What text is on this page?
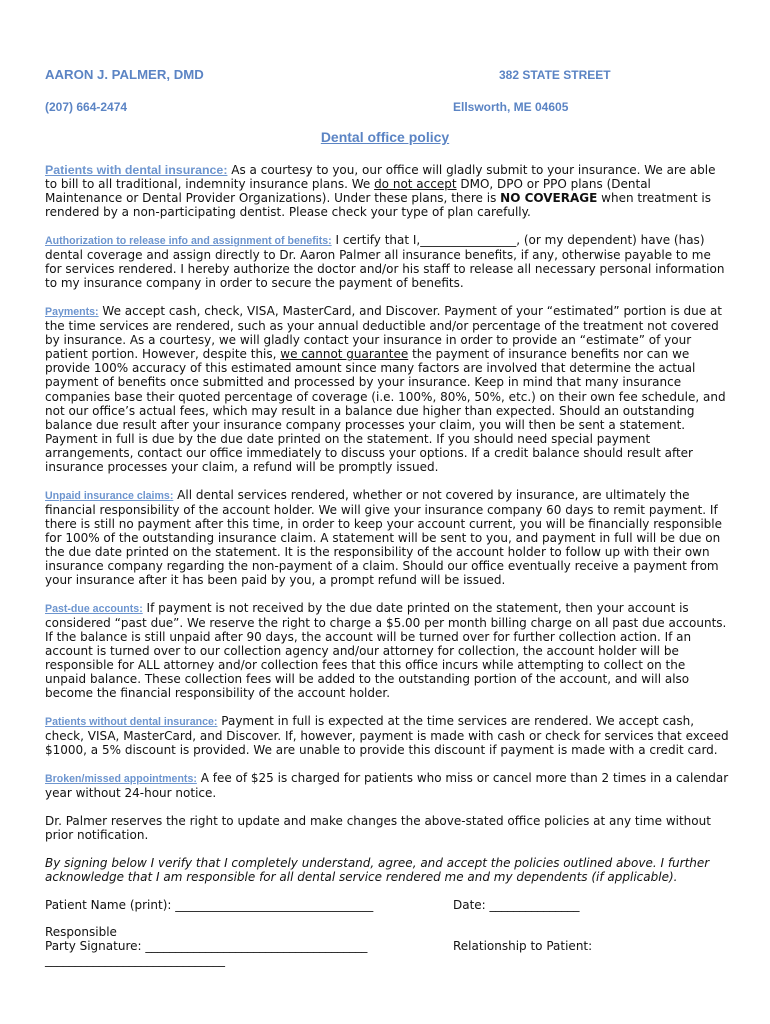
AARON J. PALMER, DMD	382 STATE STREET
(207) 664-2474	Ellsworth, ME 04605
Dental office policy

Patients with dental insurance: As a courtesy to you, our office will gladly submit to your insurance. We are able to bill to all traditional, indemnity insurance plans. We do not accept DMO, DPO or PPO plans (Dental Maintenance or Dental Provider Organizations). Under these plans, there is NO COVERAGE when treatment is rendered by a non-participating dentist. Please check your type of plan carefully.

Authorization to release info and assignment of benefits: I certify that I,________________, (or my dependent) have (has) dental coverage and assign directly to Dr. Aaron Palmer all insurance benefits, if any, otherwise payable to me for services rendered. I hereby authorize the doctor and/or his staff to release all necessary personal information to my insurance company in order to secure the payment of benefits.

Payments: We accept cash, check, VISA, MasterCard, and Discover. Payment of your “estimated” portion is due at the time services are rendered, such as your annual deductible and/or percentage of the treatment not covered by insurance. As a courtesy, we will gladly contact your insurance in order to provide an “estimate” of your patient portion. However, despite this, we cannot guarantee the payment of insurance benefits nor can we provide 100% accuracy of this estimated amount since many factors are involved that determine the actual payment of benefits once submitted and processed by your insurance. Keep in mind that many insurance companies base their quoted percentage of coverage (i.e. 100%, 80%, 50%, etc.) on their own fee schedule, and not our office’s actual fees, which may result in a balance due higher than expected. Should an outstanding balance due result after your insurance company processes your claim, you will then be sent a statement. Payment in full is due by the due date printed on the statement. If you should need special payment arrangements, contact our office immediately to discuss your options. If a credit balance should result after insurance processes your claim, a refund will be promptly issued.

Unpaid insurance claims: All dental services rendered, whether or not covered by insurance, are ultimately the financial responsibility of the account holder. We will give your insurance company 60 days to remit payment. If there is still no payment after this time, in order to keep your account current, you will be financially responsible for 100% of the outstanding insurance claim. A statement will be sent to you, and payment in full will be due on the due date printed on the statement. It is the responsibility of the account holder to follow up with their own insurance company regarding the non-payment of a claim. Should our office eventually receive a payment from your insurance after it has been paid by you, a prompt refund will be issued.

Past-due accounts: If payment is not received by the due date printed on the statement, then your account is considered “past due”. We reserve the right to charge a $5.00 per month billing charge on all past due accounts. If the balance is still unpaid after 90 days, the account will be turned over for further collection action. If an account is turned over to our collection agency and/our attorney for collection, the account holder will be responsible for ALL attorney and/or collection fees that this office incurs while attempting to collect on the unpaid balance. These collection fees will be added to the outstanding portion of the account, and will also become the financial responsibility of the account holder.

Patients without dental insurance: Payment in full is expected at the time services are rendered. We accept cash, check, VISA, MasterCard, and Discover. If, however, payment is made with cash or check for services that exceed $1000, a 5% discount is provided. We are unable to provide this discount if payment is made with a credit card.

Broken/missed appointments: A fee of $25 is charged for patients who miss or cancel more than 2 times in a calendar year without 24-hour notice.

Dr. Palmer reserves the right to update and make changes the above-stated office policies at any time without prior notification.

By signing below I verify that I completely understand, agree, and accept the policies outlined above. I further acknowledge that I am responsible for all dental service rendered me and my dependents (if applicable).

Patient Name (print): _________________________________	Date: _______________
Responsible
Party Signature: _____________________________________	Relationship to Patient:
______________________________
